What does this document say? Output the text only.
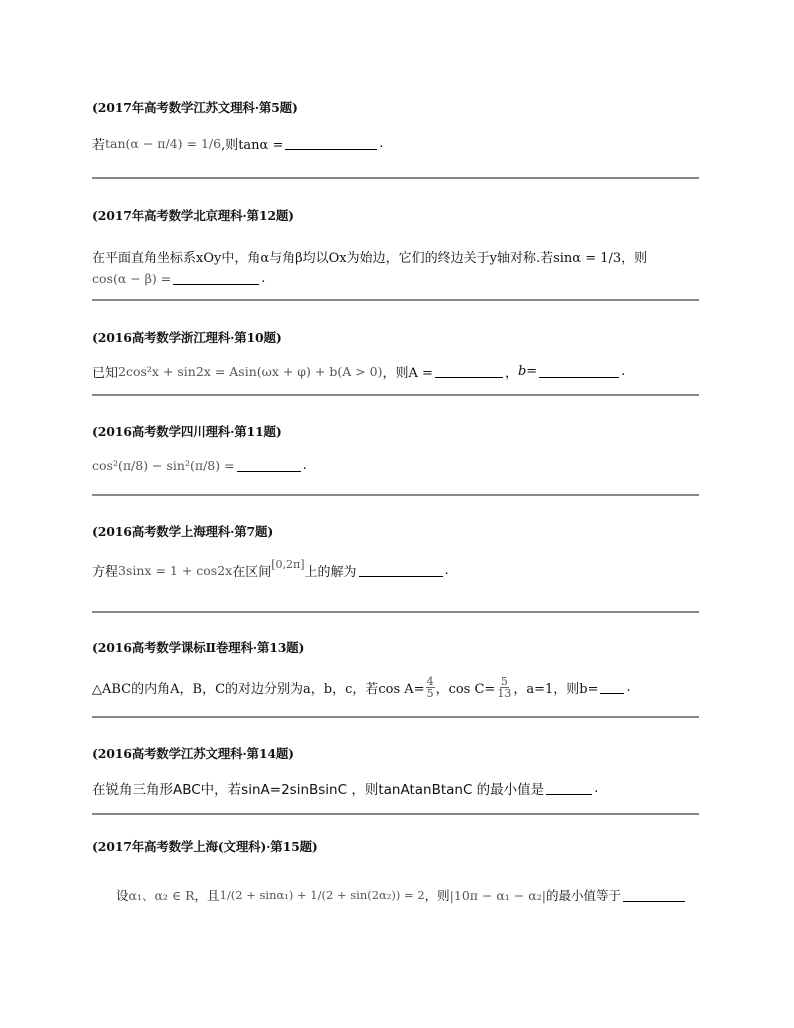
(2017年高考数学江苏文理科·第5题)
若 tan(α − π/4) = 1/6 ,则tanα =	.
(2017年高考数学北京理科·第12题)
在平面直角坐标系xOy中，角α与角β均以Ox为始边，它们的终边关于y轴对称.若sinα = 1/3，则
cos(α − β) =	.
(2016高考数学浙江理科·第10题)
已知 2cos²x + sin2x = Asin(ωx + φ) + b(A > 0) ，则A =	， b=	.
(2016高考数学四川理科·第11题)
cos²(π/8) − sin²(π/8) =	.
(2016高考数学上海理科·第7题)
方程 3sinx = 1 + cos2x 在区间
[0,2π]
上的解为	.
(2016高考数学课标Ⅱ卷理科·第13题)
△ABC的内角A，B，C的对边分别为a，b，c，若$\cos A= \frac{4}{5}$ ，$\cos C= \frac{5}{13}$ ，a=1，则b= .
(2016高考数学江苏文理科·第14题)
在锐角三角形ABC中，若sinA=2sinBsinC ，则tanAtanBtanC 的最小值是	.
(2017年高考数学上海(文理科)·第15题)
设 α₁、α₂ ∈ R ，且 1/(2 + sinα₁) + 1/(2 + sin(2α₂)) = 2 ，则 |10π − α₁ − α₂| 的最小值等于
